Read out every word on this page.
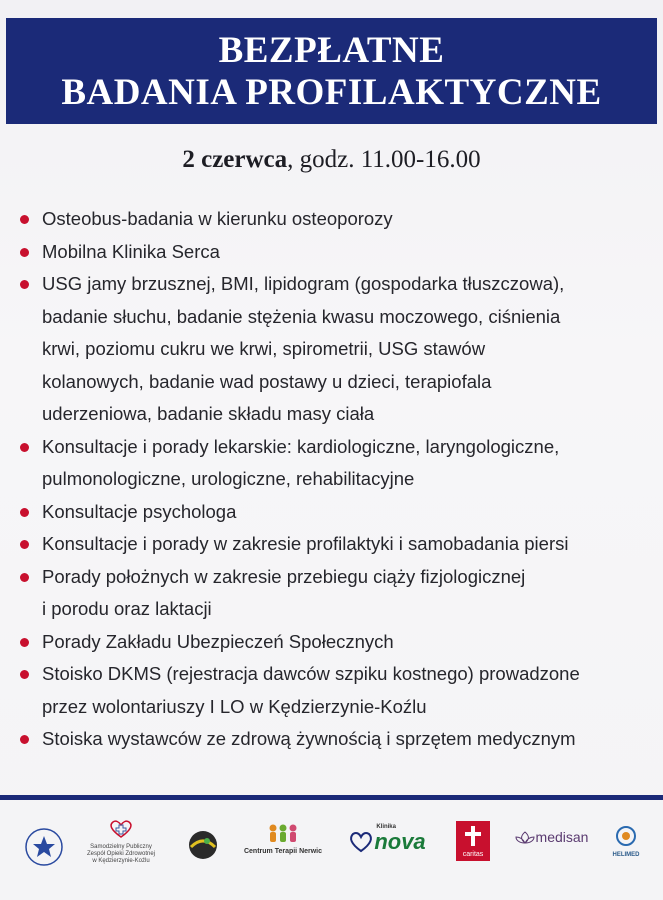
BEZPŁATNE
BADANIA PROFILAKTYCZNE
2 czerwca, godz. 11.00-16.00
Osteobus-badania w kierunku osteoporozy
Mobilna Klinika Serca
USG jamy brzusznej, BMI, lipidogram (gospodarka tłuszczowa),
badanie słuchu, badanie stężenia kwasu moczowego, ciśnienia
krwi, poziomu cukru we krwi, spirometrii, USG stawów
kolanowych, badanie wad postawy u dzieci, terapiofala
uderzeniowa, badanie składu masy ciała
Konsultacje i porady lekarskie: kardiologiczne, laryngologiczne,
pulmonologiczne, urologiczne, rehabilitacyjne
Konsultacje psychologa
Konsultacje i porady w zakresie profilaktyki i samobadania piersi
Porady położnych w zakresie przebiegu ciąży fizjologicznej
i porodu oraz laktacji
Porady Zakładu Ubezpieczeń Społecznych
Stoisko DKMS (rejestracja dawców szpiku kostnego) prowadzone
przez wolontariuszy I LO w Kędzierzynie-Koźlu
Stoiska wystawców ze zdrową żywnością i sprzętem medycznym
Samodzielny Publiczny
Zespół Opieki Zdrowotnej
w Kędzierzynie-Koźlu
Centrum Terapii Nerwic
Klinika
nova
caritas
medisan
HELIMED
